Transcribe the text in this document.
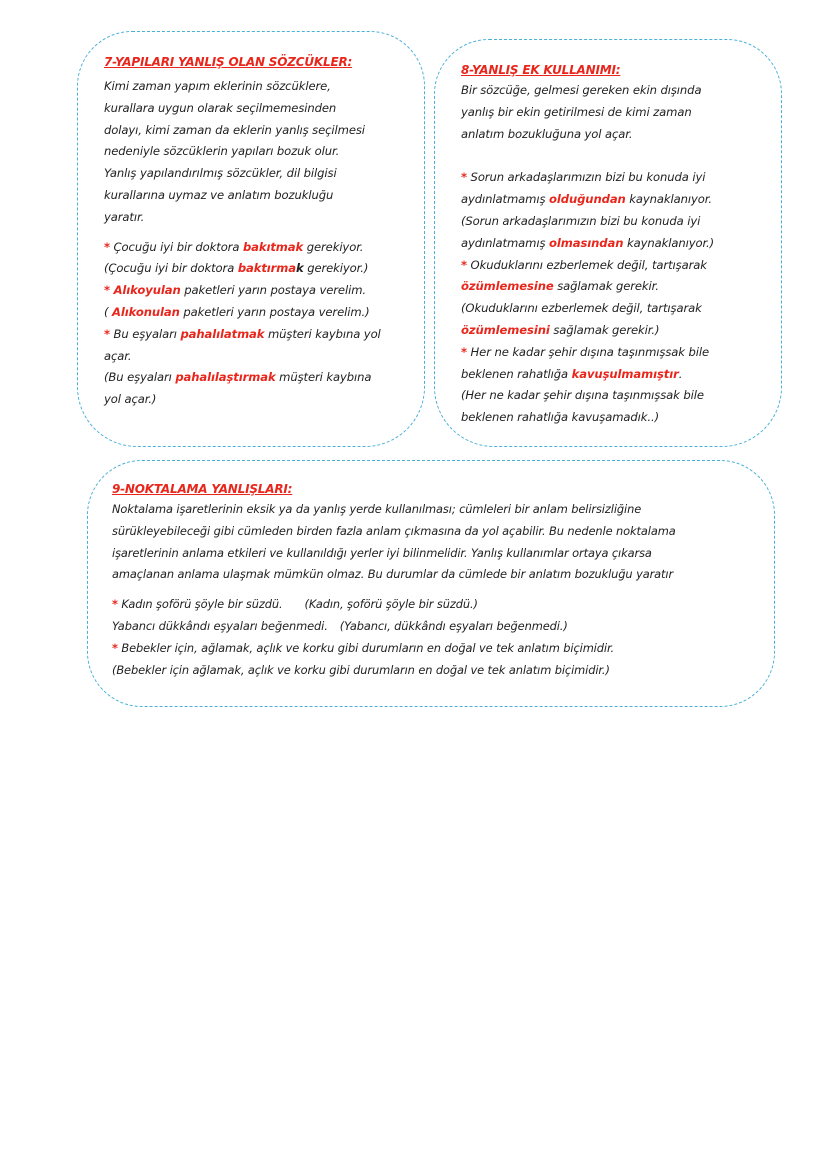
7-YAPILARI YANLIŞ OLAN SÖZCÜKLER:

Kimi zaman yapım eklerinin sözcüklere,

kurallara uygun olarak seçilmemesinden

dolayı, kimi zaman da eklerin yanlış seçilmesi

nedeniyle sözcüklerin yapıları bozuk olur.

Yanlış yapılandırılmış sözcükler, dil bilgisi

kurallarına uymaz ve anlatım bozukluğu

yaratır.

* Çocuğu iyi bir doktora bakıtmak gerekiyor.

(Çocuğu iyi bir doktora baktırmak gerekiyor.)

* Alıkoyulan paketleri yarın postaya verelim.

( Alıkonulan paketleri yarın postaya verelim.)

* Bu eşyaları pahalılatmak müşteri kaybına yol

açar.

(Bu eşyaları pahalılaştırmak müşteri kaybına

yol açar.)

8-YANLIŞ EK KULLANIMI:

Bir sözcüğe, gelmesi gereken ekin dışında

yanlış bir ekin getirilmesi de kimi zaman

anlatım bozukluğuna yol açar.

* Sorun arkadaşlarımızın bizi bu konuda iyi

aydınlatmamış olduğundan kaynaklanıyor.

(Sorun arkadaşlarımızın bizi bu konuda iyi

aydınlatmamış olmasından kaynaklanıyor.)

* Okuduklarını ezberlemek değil, tartışarak

özümlemesine sağlamak gerekir.

(Okuduklarını ezberlemek değil, tartışarak

özümlemesini sağlamak gerekir.)

* Her ne kadar şehir dışına taşınmışsak bile

beklenen rahatlığa kavuşulmamıştır.

(Her ne kadar şehir dışına taşınmışsak bile

beklenen rahatlığa kavuşamadık..)

9-NOKTALAMA YANLIŞLARI:

Noktalama işaretlerinin eksik ya da yanlış yerde kullanılması; cümleleri bir anlam belirsizliğine

sürükleyebileceği gibi cümleden birden fazla anlam çıkmasına da yol açabilir. Bu nedenle noktalama

işaretlerinin anlama etkileri ve kullanıldığı yerler iyi bilinmelidir. Yanlış kullanımlar ortaya çıkarsa

amaçlanan anlama ulaşmak mümkün olmaz. Bu durumlar da cümlede bir anlatım bozukluğu yaratır

* Kadın şoförü şöyle bir süzdü. (Kadın, şoförü şöyle bir süzdü.)

Yabancı dükkândı eşyaları beğenmedi. (Yabancı, dükkândı eşyaları beğenmedi.)

* Bebekler için, ağlamak, açlık ve korku gibi durumların en doğal ve tek anlatım biçimidir.

(Bebekler için ağlamak, açlık ve korku gibi durumların en doğal ve tek anlatım biçimidir.)
